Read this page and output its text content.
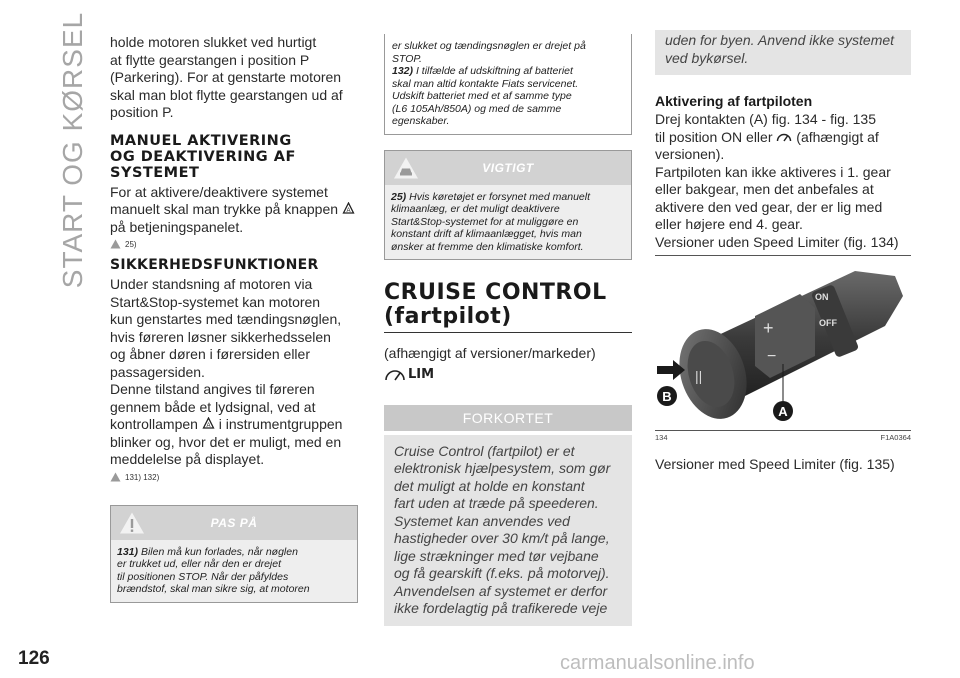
START OG KØRSEL
126	carmanualsonline.info

holde motoren slukket ved hurtigt

at flytte gearstangen i position P

(Parkering). For at genstarte motoren

skal man blot flytte gearstangen ud af

position P.

MANUEL AKTIVERING
OG DEAKTIVERING AF
SYSTEMET

For at aktivere/deaktivere systemet

manuelt skal man trykke på knappen A

på betjeningspanelet.

25)
SIKKERHEDSFUNKTIONER

Under standsning af motoren via

Start&Stop-systemet kan motoren

kun genstartes med tændingsnøglen,

hvis føreren løsner sikkerhedsselen

og åbner døren i førersiden eller

passagersiden.

Denne tilstand angives til føreren

gennem både et lydsignal, ved at

kontrollampen A i instrumentgruppen

blinker og, hvor det er muligt, med en

meddelelse på displayet.

131) 132)
PAS PÅ
131) Bilen må kun forlades, når nøglen
er trukket ud, eller når den er drejet
til positionen STOP. Når der påfyldes
brændstof, skal man sikre sig, at motoren
er slukket og tændingsnøglen er drejet på
STOP.
132) I tilfælde af udskiftning af batteriet
skal man altid kontakte Fiats servicenet.
Udskift batteriet med et af samme type
(L6 105Ah/850A) og med de samme
egenskaber.
VIGTIGT
25) Hvis køretøjet er forsynet med manuelt
klimaanlæg, er det muligt deaktivere
Start&Stop-systemet for at muliggøre en
konstant drift af klimaanlægget, hvis man
ønsker at fremme den klimatiske komfort.
CRUISE CONTROL
(fartpilot)
(afhængigt af versioner/markeder)
LIM
FORKORTET
Cruise Control (fartpilot) er et
elektronisk hjælpesystem, som gør
det muligt at holde en konstant
fart uden at træde på speederen.
Systemet kan anvendes ved
hastigheder over 30 km/t på lange,
lige strækninger med tør vejbane
og få gearskift (f.eks. på motorvej).
Anvendelsen af systemet er derfor
ikke fordelagtig på trafikerede veje
uden for byen. Anvend ikke systemet
ved bykørsel.
Aktivering af fartpiloten

Drej kontakten (A) fig. 134 - fig. 135

til position ON eller (afhængigt af

versionen).

Fartpiloten kan ikke aktiveres i 1. gear

eller bakgear, men det anbefales at

aktivere den ved gear, der er lig med

eller højere end 4. gear.

Versioner uden Speed Limiter (fig. 134)

||
+
−
ON
OFF
B
A
134	F1A0364
Versioner med Speed Limiter (fig. 135)
